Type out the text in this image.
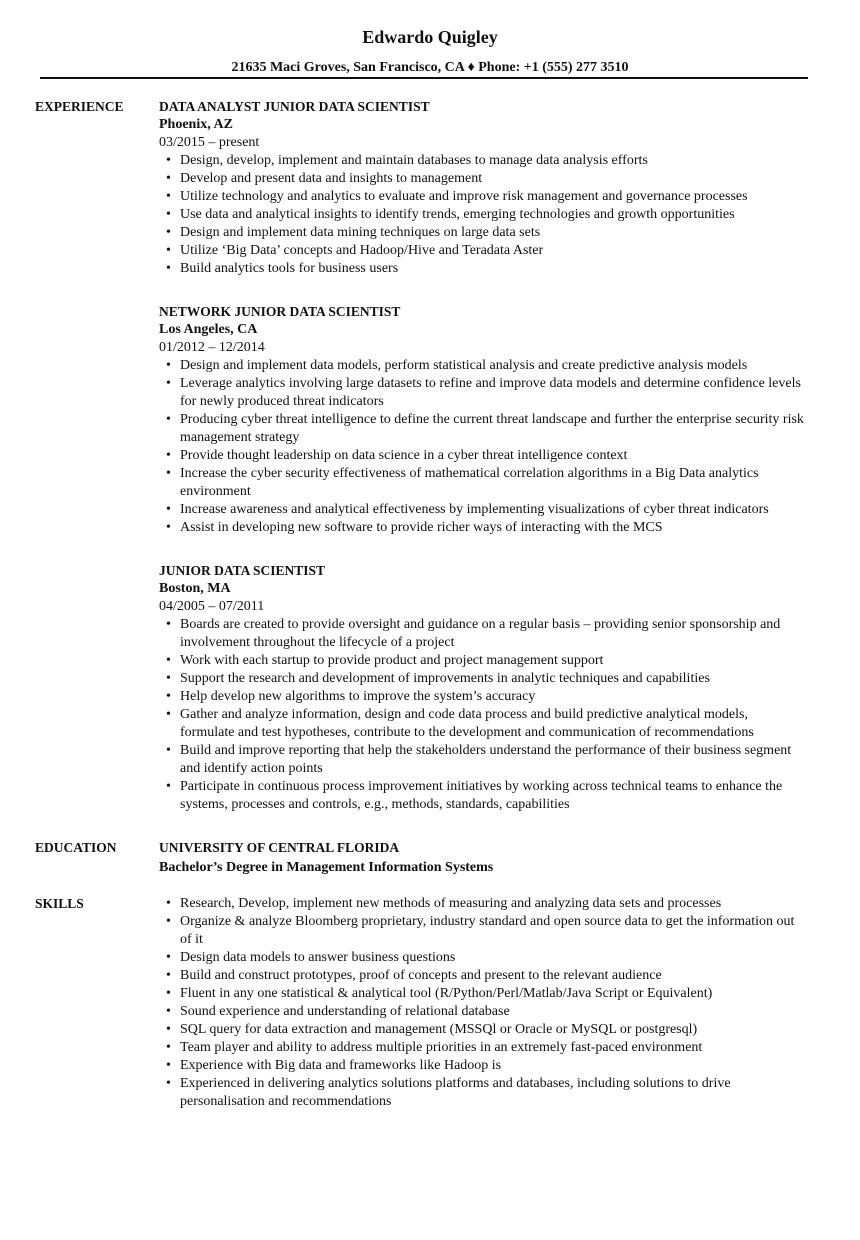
Edwardo Quigley
21635 Maci Groves, San Francisco, CA ♦ Phone: +1 (555) 277 3510
EXPERIENCE	DATA ANALYST JUNIOR DATA SCIENTIST
Phoenix, AZ
03/2015 – present
• Design, develop, implement and maintain databases to manage data analysis efforts
• Develop and present data and insights to management
• Utilize technology and analytics to evaluate and improve risk management and governance processes
• Use data and analytical insights to identify trends, emerging technologies and growth opportunities
• Design and implement data mining techniques on large data sets
• Utilize ‘Big Data’ concepts and Hadoop/Hive and Teradata Aster
• Build analytics tools for business users
NETWORK JUNIOR DATA SCIENTIST
Los Angeles, CA
01/2012 – 12/2014
• Design and implement data models, perform statistical analysis and create predictive analysis models
• Leverage analytics involving large datasets to refine and improve data models and determine confidence levels for newly produced threat indicators
• Producing cyber threat intelligence to define the current threat landscape and further the enterprise security risk management strategy
• Provide thought leadership on data science in a cyber threat intelligence context
• Increase the cyber security effectiveness of mathematical correlation algorithms in a Big Data analytics environment
• Increase awareness and analytical effectiveness by implementing visualizations of cyber threat indicators
• Assist in developing new software to provide richer ways of interacting with the MCS
JUNIOR DATA SCIENTIST
Boston, MA
04/2005 – 07/2011
• Boards are created to provide oversight and guidance on a regular basis – providing senior sponsorship and involvement throughout the lifecycle of a project
• Work with each startup to provide product and project management support
• Support the research and development of improvements in analytic techniques and capabilities
• Help develop new algorithms to improve the system’s accuracy
• Gather and analyze information, design and code data process and build predictive analytical models, formulate and test hypotheses, contribute to the development and communication of recommendations
• Build and improve reporting that help the stakeholders understand the performance of their business segment and identify action points
• Participate in continuous process improvement initiatives by working across technical teams to enhance the systems, processes and controls, e.g., methods, standards, capabilities
EDUCATION	UNIVERSITY OF CENTRAL FLORIDA
Bachelor’s Degree in Management Information Systems
SKILLS	• Research, Develop, implement new methods of measuring and analyzing data sets and processes
• Organize & analyze Bloomberg proprietary, industry standard and open source data to get the information out of it
• Design data models to answer business questions
• Build and construct prototypes, proof of concepts and present to the relevant audience
• Fluent in any one statistical & analytical tool (R/Python/Perl/Matlab/Java Script or Equivalent)
• Sound experience and understanding of relational database
• SQL query for data extraction and management (MSSQl or Oracle or MySQL or postgresql)
• Team player and ability to address multiple priorities in an extremely fast-paced environment
• Experience with Big data and frameworks like Hadoop is
• Experienced in delivering analytics solutions platforms and databases, including solutions to drive personalisation and recommendations
